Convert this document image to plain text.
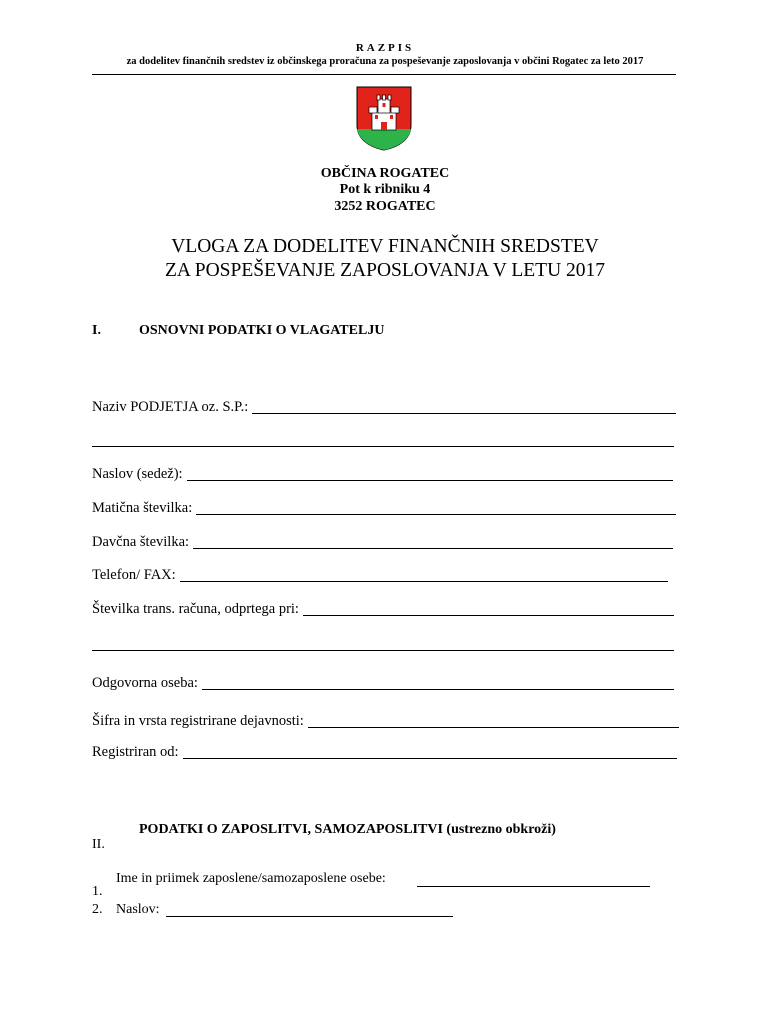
RAZPIS
za dodelitev finančnih sredstev iz občinskega proračuna za pospeševanje zaposlovanja v občini Rogatec za leto 2017
OBČINA ROGATEC
Pot k ribniku 4
3252 ROGATEC
VLOGA ZA DODELITEV FINANČNIH SREDSTEV
ZA POSPEŠEVANJE ZAPOSLOVANJA V LETU 2017
I.	OSNOVNI PODATKI O VLAGATELJU
Naziv PODJETJA oz. S.P.:
Naslov (sedež):
Matična številka:
Davčna številka:
Telefon/ FAX:
Številka trans. računa, odprtega pri:
Odgovorna oseba:
Šifra in vrsta registrirane dejavnosti:
Registriran od:
PODATKI O ZAPOSLITVI, SAMOZAPOSLITVI (ustrezno obkroži)
II.
Ime in priimek zaposlene/samozaposlene osebe:
1.
2. Naslov:
